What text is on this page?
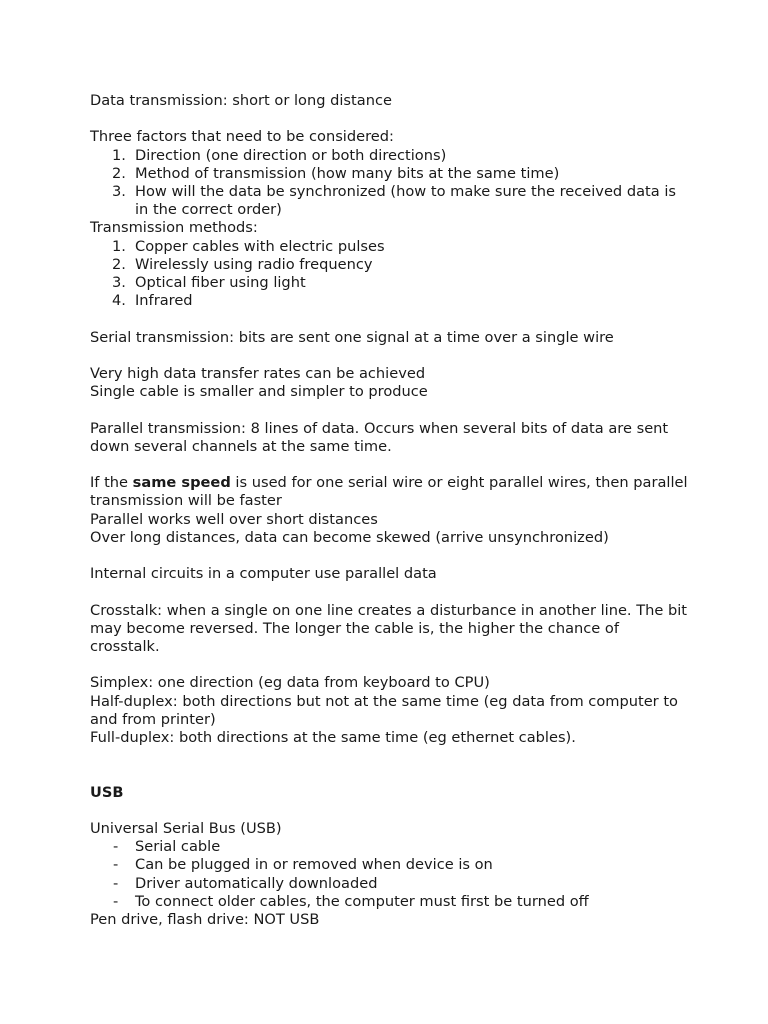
Data transmission: short or long distance

Three factors that need to be considered:

1. Direction (one direction or both directions)
2. Method of transmission (how many bits at the same time)
3. How will the data be synchronized (how to make sure the received data is in the correct order)

Transmission methods:

1. Copper cables with electric pulses
2. Wirelessly using radio frequency
3. Optical fiber using light
4. Infrared

Serial transmission: bits are sent one signal at a time over a single wire

Very high data transfer rates can be achieved

Single cable is smaller and simpler to produce

Parallel transmission: 8 lines of data. Occurs when several bits of data are sent down several channels at the same time.

If the same speed is used for one serial wire or eight parallel wires, then parallel transmission will be faster

Parallel works well over short distances

Over long distances, data can become skewed (arrive unsynchronized)

Internal circuits in a computer use parallel data

Crosstalk: when a single on one line creates a disturbance in another line. The bit may become reversed. The longer the cable is, the higher the chance of crosstalk.

Simplex: one direction (eg data from keyboard to CPU)

Half-duplex: both directions but not at the same time (eg data from computer to and from printer)

Full-duplex: both directions at the same time (eg ethernet cables).

USB

Universal Serial Bus (USB)

- Serial cable
- Can be plugged in or removed when device is on
- Driver automatically downloaded
- To connect older cables, the computer must first be turned off

Pen drive, flash drive: NOT USB
